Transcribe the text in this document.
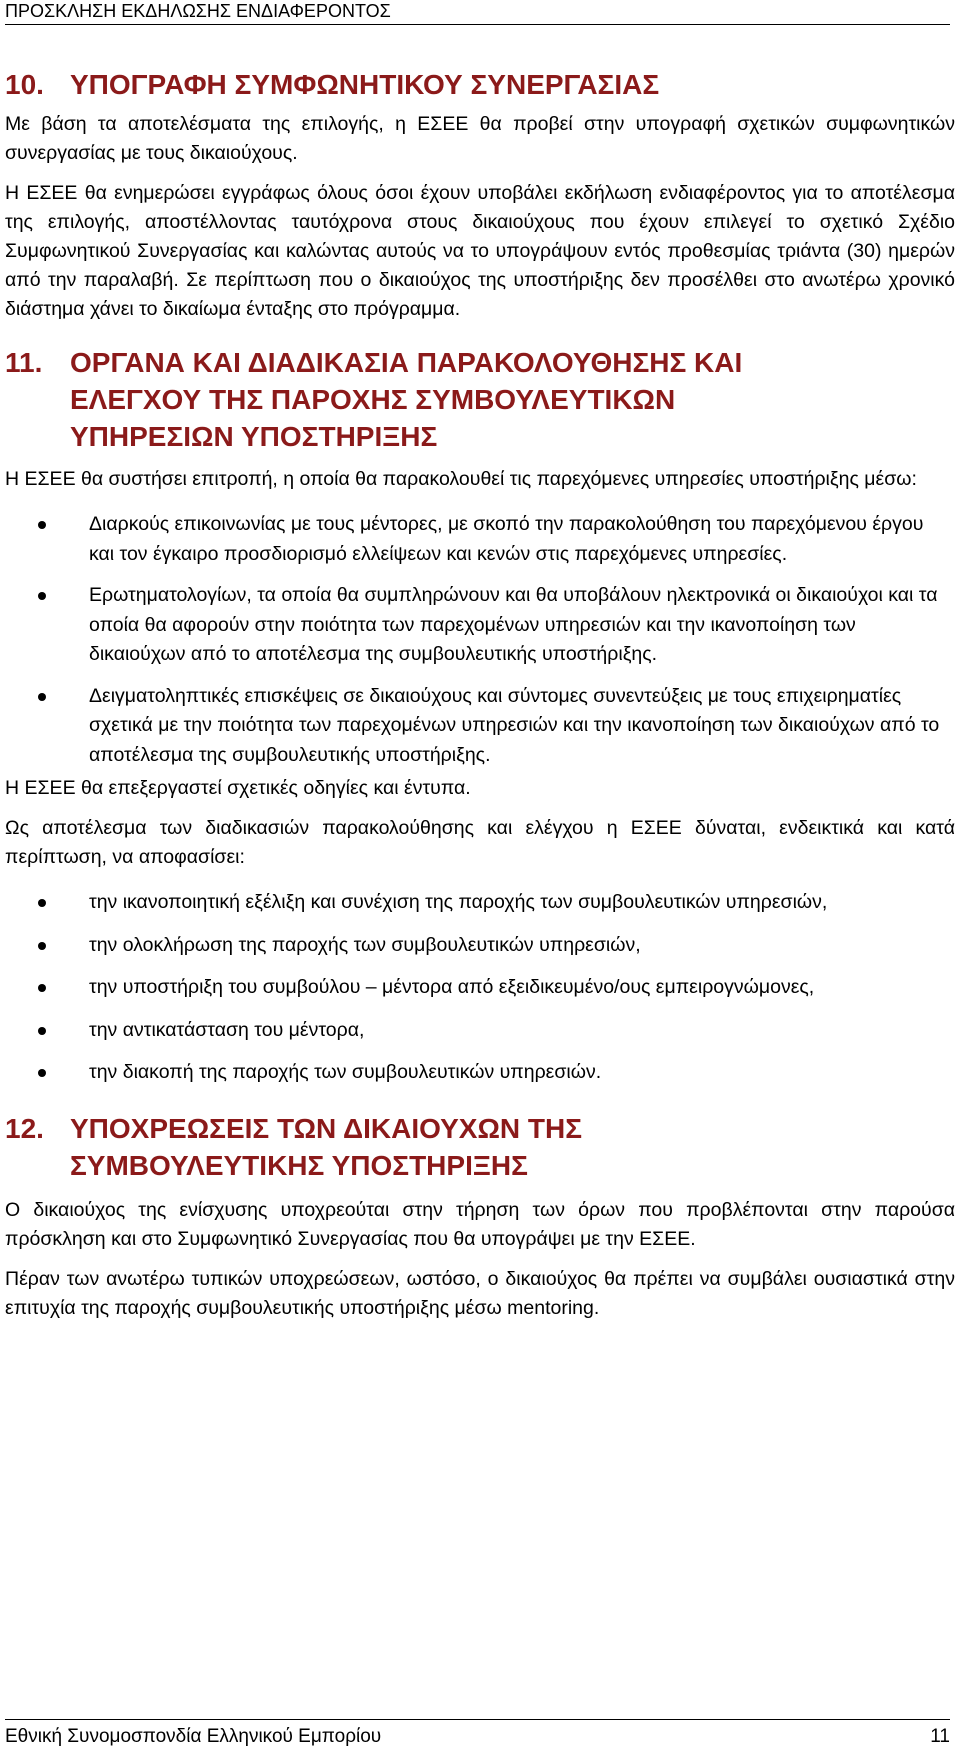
ΠΡΟΣΚΛΗΣΗ ΕΚΔΗΛΩΣΗΣ ΕΝΔΙΑΦΕΡΟΝΤΟΣ
10. ΥΠΟΓΡΑΦΗ ΣΥΜΦΩΝΗΤΙΚΟΥ ΣΥΝΕΡΓΑΣΙΑΣ

Με βάση τα αποτελέσματα της επιλογής, η ΕΣΕΕ θα προβεί στην υπογραφή σχετικών συμφωνητικών συνεργασίας με τους δικαιούχους.

Η ΕΣΕΕ θα ενημερώσει εγγράφως όλους όσοι έχουν υποβάλει εκδήλωση ενδιαφέροντος για το αποτέλεσμα της επιλογής, αποστέλλοντας ταυτόχρονα στους δικαιούχους που έχουν επιλεγεί το σχετικό Σχέδιο Συμφωνητικού Συνεργασίας και καλώντας αυτούς να το υπογράψουν εντός προθεσμίας τριάντα (30) ημερών από την παραλαβή. Σε περίπτωση που ο δικαιούχος της υποστήριξης δεν προσέλθει στο ανωτέρω χρονικό διάστημα χάνει το δικαίωμα ένταξης στο πρόγραμμα.

11. ΟΡΓΑΝΑ ΚΑΙ ΔΙΑΔΙΚΑΣΙΑ ΠΑΡΑΚΟΛΟΥΘΗΣΗΣ ΚΑΙ
ΕΛΕΓΧΟΥ ΤΗΣ ΠΑΡΟΧΗΣ ΣΥΜΒΟΥΛΕΥΤΙΚΩΝ
ΥΠΗΡΕΣΙΩΝ ΥΠΟΣΤΗΡΙΞΗΣ

Η ΕΣΕΕ θα συστήσει επιτροπή, η οποία θα παρακολουθεί τις παρεχόμενες υπηρεσίες υποστήριξης μέσω:

Διαρκούς επικοινωνίας με τους μέντορες, με σκοπό την παρακολούθηση του παρεχόμενου έργου και τον έγκαιρο προσδιορισμό ελλείψεων και κενών στις παρεχόμενες υπηρεσίες.
Ερωτηματολογίων, τα οποία θα συμπληρώνουν και θα υποβάλουν ηλεκτρονικά οι δικαιούχοι και τα οποία θα αφορούν στην ποιότητα των παρεχομένων υπηρεσιών και την ικανοποίηση των δικαιούχων από το αποτέλεσμα της συμβουλευτικής υποστήριξης.
Δειγματοληπτικές επισκέψεις σε δικαιούχους και σύντομες συνεντεύξεις με τους επιχειρηματίες σχετικά με την ποιότητα των παρεχομένων υπηρεσιών και την ικανοποίηση των δικαιούχων από το αποτέλεσμα της συμβουλευτικής υποστήριξης.

Η ΕΣΕΕ θα επεξεργαστεί σχετικές οδηγίες και έντυπα.

Ως αποτέλεσμα των διαδικασιών παρακολούθησης και ελέγχου η ΕΣΕΕ δύναται, ενδεικτικά και κατά περίπτωση, να αποφασίσει:

την ικανοποιητική εξέλιξη και συνέχιση της παροχής των συμβουλευτικών υπηρεσιών,
την ολοκλήρωση της παροχής των συμβουλευτικών υπηρεσιών,
την υποστήριξη του συμβούλου – μέντορα από εξειδικευμένο/ους εμπειρογνώμονες,
την αντικατάσταση του μέντορα,
την διακοπή της παροχής των συμβουλευτικών υπηρεσιών.
12. ΥΠΟΧΡΕΩΣΕΙΣ ΤΩΝ ΔΙΚΑΙΟΥΧΩΝ ΤΗΣ
ΣΥΜΒΟΥΛΕΥΤΙΚΗΣ ΥΠΟΣΤΗΡΙΞΗΣ

Ο δικαιούχος της ενίσχυσης υποχρεούται στην τήρηση των όρων που προβλέπονται στην παρούσα πρόσκληση και στο Συμφωνητικό Συνεργασίας που θα υπογράψει με την ΕΣΕΕ.

Πέραν των ανωτέρω τυπικών υποχρεώσεων, ωστόσο, ο δικαιούχος θα πρέπει να συμβάλει ουσιαστικά στην επιτυχία της παροχής συμβουλευτικής υποστήριξης μέσω mentoring.

Εθνική Συνομοσπονδία Ελληνικού Εμπορίου	11
